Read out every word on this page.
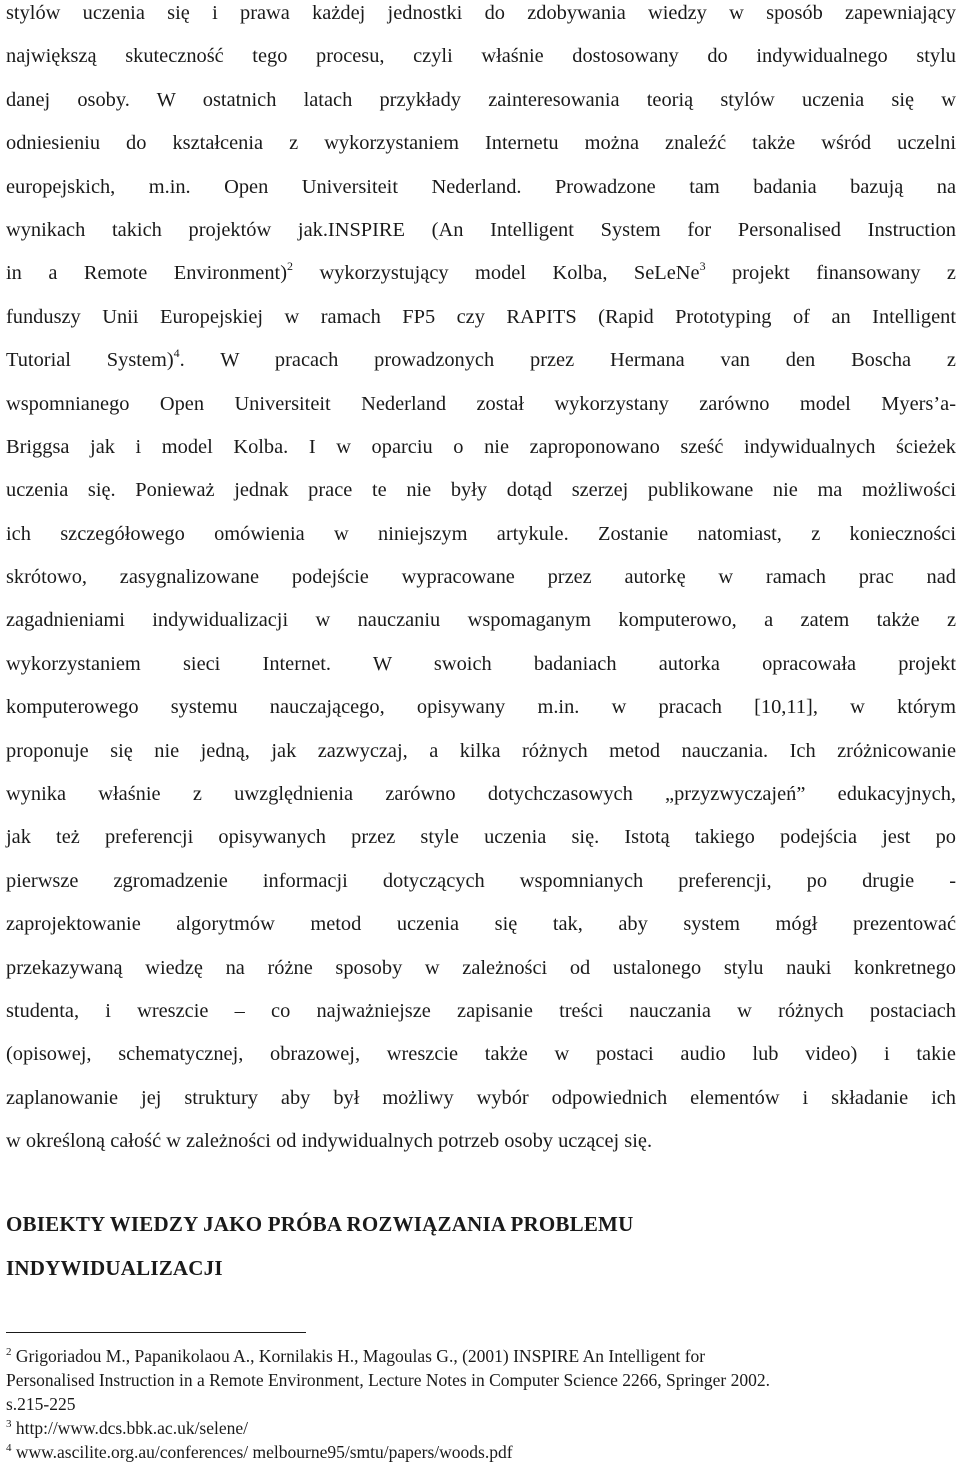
stylów uczenia się i prawa każdej jednostki do zdobywania wiedzy w sposób zapewniający
największą skuteczność tego procesu, czyli właśnie dostosowany do indywidualnego stylu
danej osoby. W ostatnich latach przykłady zainteresowania teorią stylów uczenia się w
odniesieniu do kształcenia z wykorzystaniem Internetu można znaleźć także wśród uczelni
europejskich, m.in. Open Universiteit Nederland. Prowadzone tam badania bazują na
wynikach takich projektów jak.INSPIRE (An Intelligent System for Personalised Instruction
in a Remote Environment)$^2$ wykorzystujący model Kolba, SeLeNe$^3$ projekt finansowany z
funduszy Unii Europejskiej w ramach FP5 czy RAPITS (Rapid Prototyping of an Intelligent
Tutorial System)$^4$. W pracach prowadzonych przez Hermana van den Boscha z
wspomnianego Open Universiteit Nederland został wykorzystany zarówno model Myers’a-
Briggsa jak i model Kolba. I w oparciu o nie zaproponowano sześć indywidualnych ścieżek
uczenia się. Ponieważ jednak prace te nie były dotąd szerzej publikowane nie ma możliwości
ich szczegółowego omówienia w niniejszym artykule. Zostanie natomiast, z konieczności
skrótowo, zasygnalizowane podejście wypracowane przez autorkę w ramach prac nad
zagadnieniami indywidualizacji w nauczaniu wspomaganym komputerowo, a zatem także z
wykorzystaniem sieci Internet. W swoich badaniach autorka opracowała projekt
komputerowego systemu nauczającego, opisywany m.in. w pracach [10,11], w którym
proponuje się nie jedną, jak zazwyczaj, a kilka różnych metod nauczania. Ich zróżnicowanie
wynika właśnie z uwzględnienia zarówno dotychczasowych „przyzwyczajeń” edukacyjnych,
jak też preferencji opisywanych przez style uczenia się. Istotą takiego podejścia jest po
pierwsze zgromadzenie informacji dotyczących wspomnianych preferencji, po drugie -
zaprojektowanie algorytmów metod uczenia się tak, aby system mógł prezentować
przekazywaną wiedzę na różne sposoby w zależności od ustalonego stylu nauki konkretnego
studenta, i wreszcie – co najważniejsze zapisanie treści nauczania w różnych postaciach
(opisowej, schematycznej, obrazowej, wreszcie także w postaci audio lub video) i takie
zaplanowanie jej struktury aby był możliwy wybór odpowiednich elementów i składanie ich
w określoną całość w zależności od indywidualnych potrzeb osoby uczącej się.
OBIEKTY WIEDZY JAKO PRÓBA ROZWIĄZANIA PROBLEMU
INDYWIDUALIZACJI
$^2$ Grigoriadou M., Papanikolaou A., Kornilakis H., Magoulas G., (2001) INSPIRE An Intelligent for
Personalised Instruction in a Remote Environment, Lecture Notes in Computer Science 2266, Springer 2002.
s.215-225
$^3$ http://www.dcs.bbk.ac.uk/selene/
$^4$ www.ascilite.org.au/conferences/ melbourne95/smtu/papers/woods.pdf
